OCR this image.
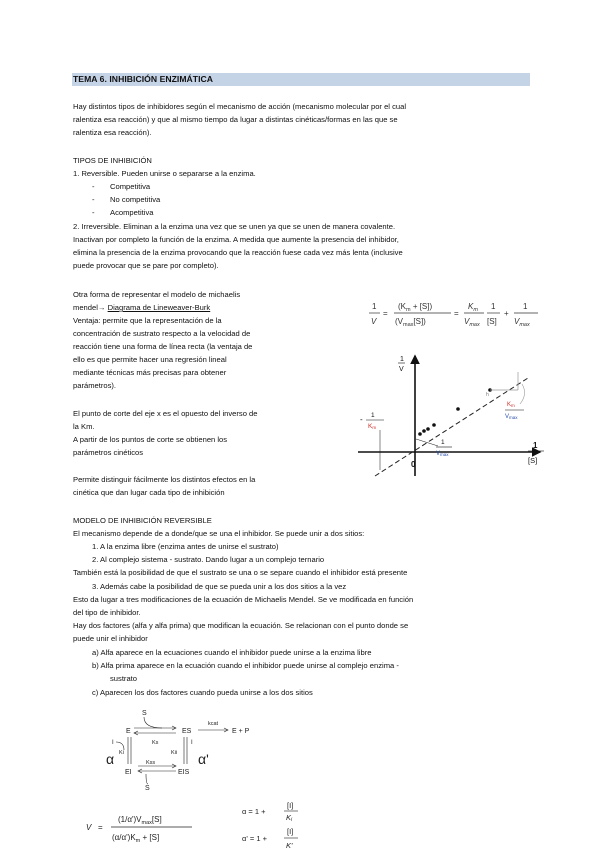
TEMA 6. INHIBICIÓN ENZIMÁTICA
Hay distintos tipos de inhibidores según el mecanismo de acción (mecanismo molecular por el cual
ralentiza esa reacción) y que al mismo tiempo da lugar a distintas cinéticas/formas en las que se
ralentiza esa reacción).
TIPOS DE INHIBICIÓN
1. Reversible. Pueden unirse o separarse a la enzima.
- Competitiva
- No competitiva
- Acompetitiva
2. Irreversible. Eliminan a la enzima una vez que se unen ya que se unen de manera covalente.
Inactivan por completo la función de la enzima. A medida que aumente la presencia del inhibidor,
elimina la presencia de la enzima provocando que la reacción fuese cada vez más lenta (inclusive
puede provocar que se pare por completo).
Otra forma de representar el modelo de michaelis
mendel→ Diagrama de Lineweaver-Burk
Ventaja: permite que la representación de la
concentración de sustrato respecto a la velocidad de
reacción tiene una forma de línea recta (la ventaja de
ello es que permite hacer una regresión lineal
mediante técnicas más precisas para obtener
parámetros).
El punto de corte del eje x es el opuesto del inverso de
la Km.
A partir de los puntos de corte se obtienen los
parámetros cinéticos
Permite distinguir fácilmente los distintos efectos en la
cinética que dan lugar cada tipo de inhibición
1
V
=
$(K_m + [S])$
$(V_{max}[S])$
=
$K_m$
$V_{max}$
1
[S]
+
1
$V_{max}$
h
1
V
1
[S]
0
- 1
Km
Km
Vmax
1
Vmax
MODELO DE INHIBICIÓN REVERSIBLE
El mecanismo depende de a donde/que se una el inhibidor. Se puede unir a dos sitios:
1. A la enzima libre (enzima antes de unirse el sustrato)
2. Al complejo sistema - sustrato. Dando lugar a un complejo ternario
También está la posibilidad de que el sustrato se una o se separe cuando el inhibidor está presente
3. Además cabe la posibilidad de que se pueda unir a los dos sitios a la vez
Esto da lugar a tres modificaciones de la ecuación de Michaelis Mendel. Se ve modificada en función
del tipo de inhibidor.
Hay dos factores (alfa y alfa prima) que modifican la ecuación. Se relacionan con el punto donde se
puede unir el inhibidor
a) Alfa aparece en la ecuaciones cuando el inhibidor puede unirse a la enzima libre
b) Alfa prima aparece en la ecuación cuando el inhibidor puede unirse al complejo enzima -
sustrato
c) Aparecen los dos factores cuando pueda unirse a los dos sitios
S
E	ES
kcat
E + P
Ks
I
Ki
I
Kii
α	α'
Kss
EI	EIS
S
V =
$(1/\alpha')V_{max}[S]$
$(\alpha/\alpha')K_m + [S]$
α = 1 +
[I]
Ki
α' = 1 +
[I]
K'
